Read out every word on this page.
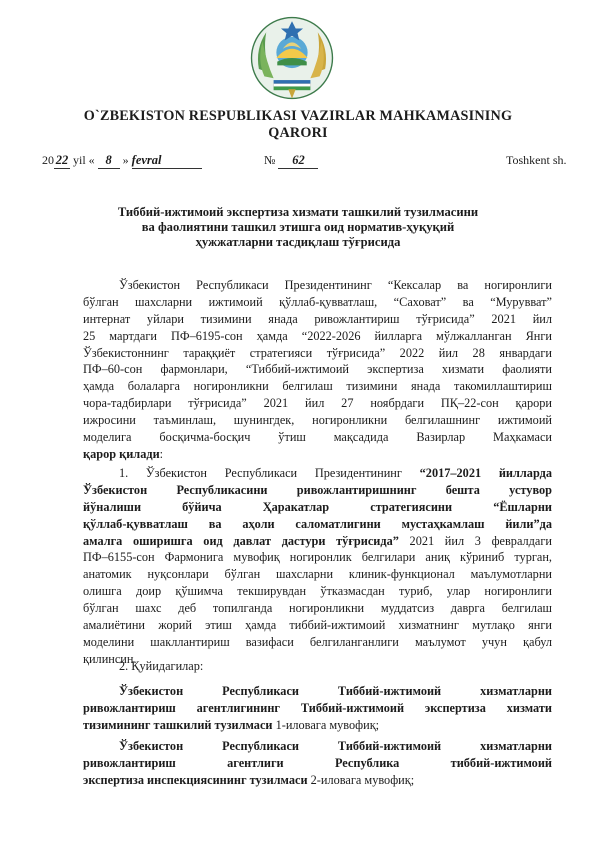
O`ZBEKISTON RESPUBLIKASI VAZIRLAR MAHKAMASINING
QARORI
20 22 yil « 8 » fevral	№ 62	Toshkent sh.
Тиббий-ижтимоий экспертиза хизмати ташкилий тузилмасини
ва фаолиятини ташкил этишга оид норматив-ҳуқуқий
ҳужжатларни тасдиқлаш тўғрисида
Ўзбекистон Республикаси Президентининг “Кексалар ва ногиронлиги
бўлган шахсларни ижтимоий қўллаб-қувватлаш, “Саховат” ва “Мурувват”
интернат уйлари тизимини янада ривожлантириш тўғрисида” 2021 йил
25 мартдаги ПФ–6195-сон ҳамда “2022-2026 йилларга мўлжалланган Янги
Ўзбекистоннинг тараққиёт стратегияси тўғрисида” 2022 йил 28 январдаги
ПФ–60-сон фармонлари, “Тиббий-ижтимоий экспертиза хизмати фаолияти
ҳамда болаларга ногиронликни белгилаш тизимини янада такомиллаштириш
чора-тадбирлари тўғрисида” 2021 йил 27 ноябрдаги ПҚ–22-сон қарори
ижросини таъминлаш, шунингдек, ногиронликни белгилашнинг ижтимоий
моделига босқичма-босқич ўтиш мақсадида Вазирлар Маҳкамаси
қарор қилади:
1. Ўзбекистон Республикаси Президентининг “2017–2021 йилларда
Ўзбекистон Республикасини ривожлантиришнинг бешта устувор
йўналиши бўйича Ҳаракатлар стратегиясини “Ёшларни
қўллаб-қувватлаш ва аҳоли саломатлигини мустаҳкамлаш йили”да
амалга оширишга оид давлат дастури тўғрисида” 2021 йил 3 февралдаги
ПФ–6155-сон Фармонига мувофиқ ногиронлик белгилари аниқ кўриниб турган,
анатомик нуқсонлари бўлган шахсларни клиник-функционал маълумотларни
олишга доир қўшимча текширувдан ўтказмасдан туриб, улар ногиронлиги
бўлган шахс деб топилганда ногиронликни муддатсиз даврга белгилаш
амалиётини жорий этиш ҳамда тиббий-ижтимоий хизматнинг мутлақо янги
моделини шакллантириш вазифаси белгиланганлиги маълумот учун қабул
қилинсин.
2. Қуйидагилар:
Ўзбекистон Республикаси Тиббий-ижтимоий хизматларни
ривожлантириш агентлигининг Тиббий-ижтимоий экспертиза хизмати
тизимининг ташкилий тузилмаси 1-иловага мувофиқ;
Ўзбекистон Республикаси Тиббий-ижтимоий хизматларни
ривожлантириш агентлиги Республика тиббий-ижтимоий
экспертиза инспекциясининг тузилмаси 2-иловага мувофиқ;
